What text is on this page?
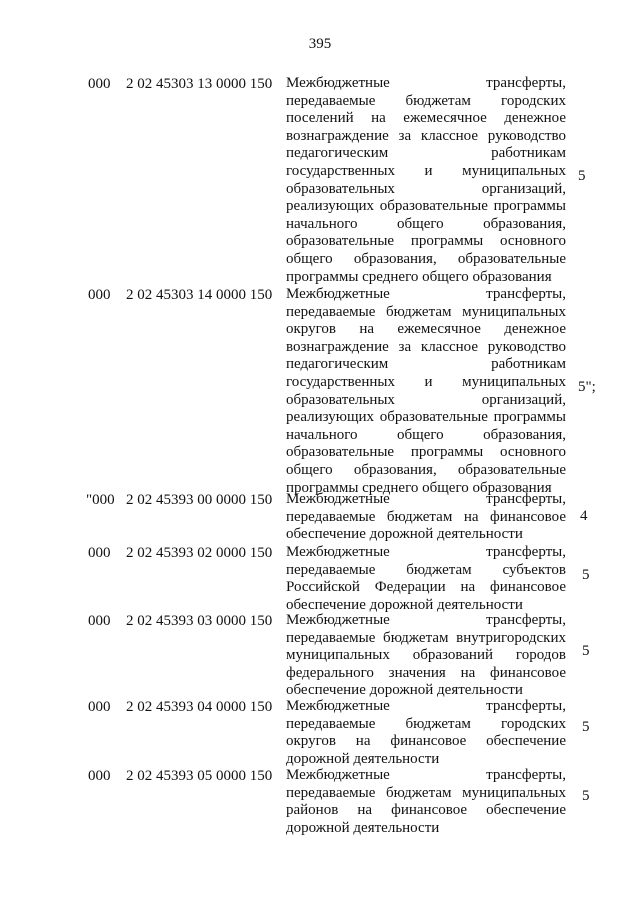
395
000 2 02 45303 13 0000 150 Межбюджетные трансферты, передаваемые бюджетам городских поселений на ежемесячное денежное вознаграждение за классное руководство педагогическим работникам государственных и муниципальных образовательных организаций, реализующих образовательные программы начального общего образования, образовательные программы основного общего образования, образовательные программы среднего общего образования
5
000 2 02 45303 14 0000 150 Межбюджетные трансферты, передаваемые бюджетам муниципальных округов на ежемесячное денежное вознаграждение за классное руководство педагогическим работникам государственных и муниципальных образовательных организаций, реализующих образовательные программы начального общего образования, образовательные программы основного общего образования, образовательные программы среднего общего образования
5";
"000 2 02 45393 00 0000 150 Межбюджетные трансферты, передаваемые бюджетам на финансовое обеспечение дорожной деятельности
4
000 2 02 45393 02 0000 150 Межбюджетные трансферты, передаваемые бюджетам субъектов Российской Федерации на финансовое обеспечение дорожной деятельности
5
000 2 02 45393 03 0000 150 Межбюджетные трансферты, передаваемые бюджетам внутригородских муниципальных образований городов федерального значения на финансовое обеспечение дорожной деятельности
5
000 2 02 45393 04 0000 150 Межбюджетные трансферты, передаваемые бюджетам городских округов на финансовое обеспечение дорожной деятельности
5
000 2 02 45393 05 0000 150 Межбюджетные трансферты, передаваемые бюджетам муниципальных районов на финансовое обеспечение дорожной деятельности
5
